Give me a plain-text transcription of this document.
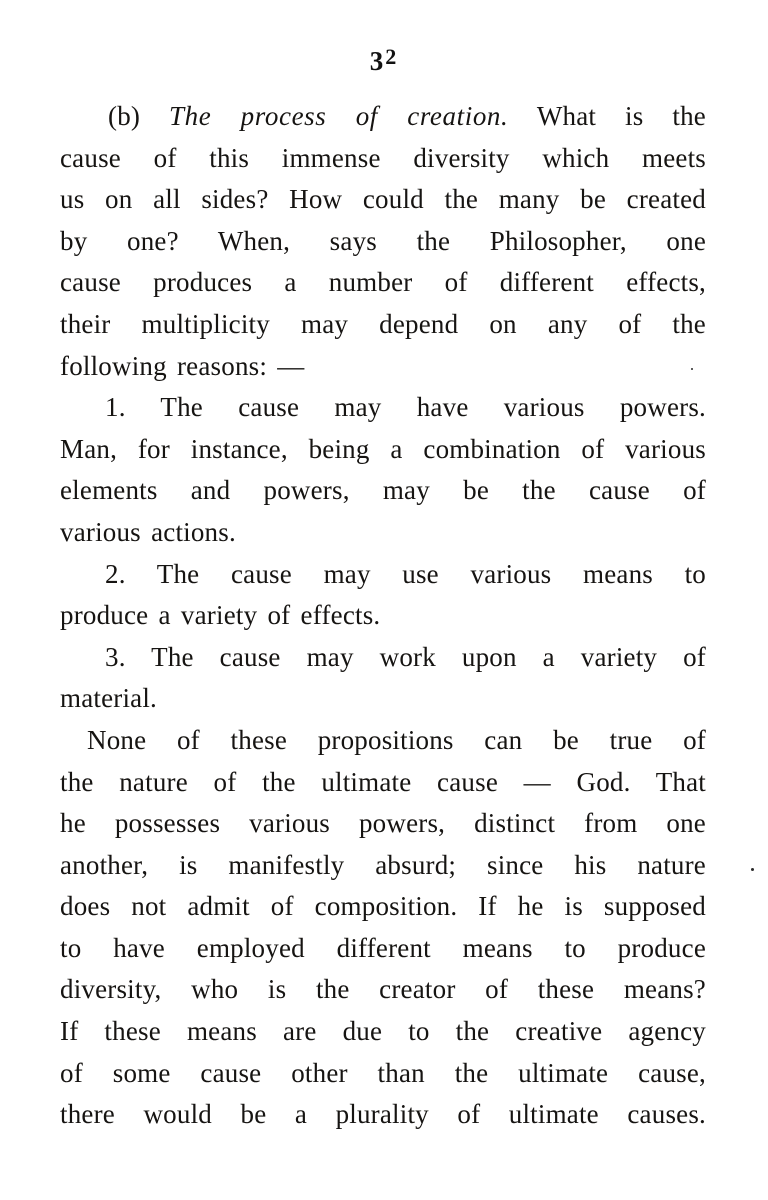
$3^2$
(b) The process of creation. What is the
cause of this immense diversity which meets
us on all sides? How could the many be created
by one? When, says the Philosopher, one
cause produces a number of different effects,
their multiplicity may depend on any of the
following reasons: —
1. The cause may have various powers.
Man, for instance, being a combination of various
elements and powers, may be the cause of
various actions.
2. The cause may use various means to
produce a variety of effects.
3. The cause may work upon a variety of
material.
None of these propositions can be true of
the nature of the ultimate cause — God. That
he possesses various powers, distinct from one
another, is manifestly absurd; since his nature
does not admit of composition. If he is supposed
to have employed different means to produce
diversity, who is the creator of these means?
If these means are due to the creative agency
of some cause other than the ultimate cause,
there would be a plurality of ultimate causes.
